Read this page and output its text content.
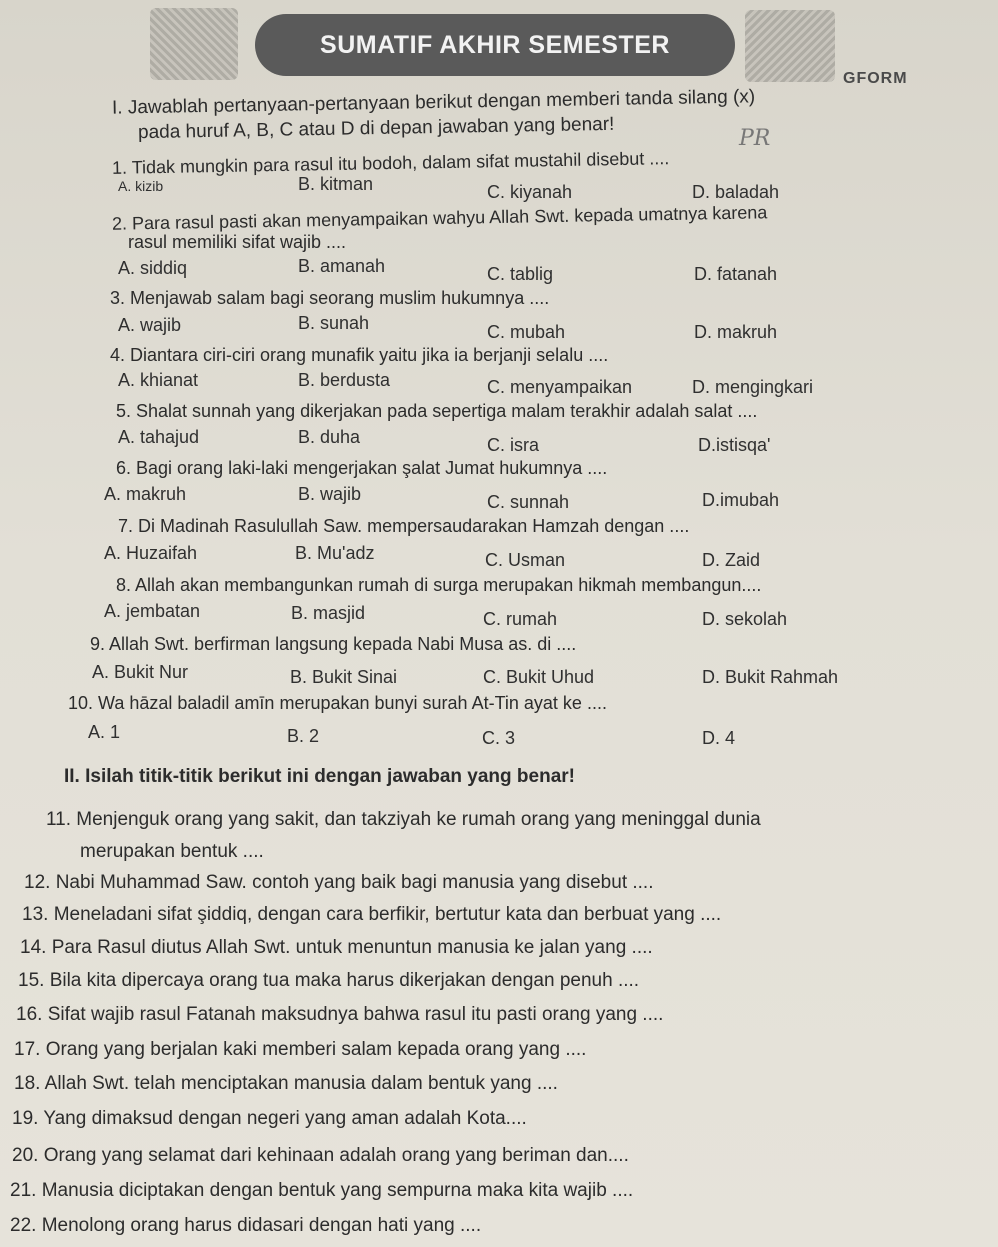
SUMATIF AKHIR SEMESTER
GFORM
PR
I. Jawablah pertanyaan-pertanyaan berikut dengan memberi tanda silang (x)
pada huruf A, B, C atau D di depan jawaban yang benar!
1. Tidak mungkin para rasul itu bodoh, dalam sifat mustahil disebut ....
A. kizib	B. kitman	C. kiyanah	D. baladah
2. Para rasul pasti akan menyampaikan wahyu Allah Swt. kepada umatnya karena
rasul memiliki sifat wajib ....
A. siddiq	B. amanah	C. tablig	D. fatanah
3. Menjawab salam bagi seorang muslim hukumnya ....
A. wajib	B. sunah	C. mubah	D. makruh
4. Diantara ciri-ciri orang munafik yaitu jika ia berjanji selalu ....
A. khianat	B. berdusta	C. menyampaikan	D. mengingkari
5. Shalat sunnah yang dikerjakan pada sepertiga malam terakhir adalah salat ....
A. tahajud	B. duha	C. isra	D.istisqa'
6. Bagi orang laki-laki mengerjakan şalat Jumat hukumnya ....
A. makruh	B. wajib	C. sunnah	D.imubah
7. Di Madinah Rasulullah Saw. mempersaudarakan Hamzah dengan ....
A. Huzaifah	B. Mu'adz	C. Usman	D. Zaid
8. Allah akan membangunkan rumah di surga merupakan hikmah membangun....
A. jembatan	B. masjid	C. rumah	D. sekolah
9. Allah Swt. berfirman langsung kepada Nabi Musa as. di ....
A. Bukit Nur	B. Bukit Sinai	C. Bukit Uhud	D. Bukit Rahmah
10. Wa hāzal baladil amīn merupakan bunyi surah At-Tin ayat ke ....
A. 1	B. 2	C. 3	D. 4
II. Isilah titik-titik berikut ini dengan jawaban yang benar!
11. Menjenguk orang yang sakit, dan takziyah ke rumah orang yang meninggal dunia
merupakan bentuk ....
12. Nabi Muhammad Saw. contoh yang baik bagi manusia yang disebut ....
13. Meneladani sifat şiddiq, dengan cara berfikir, bertutur kata dan berbuat yang ....
14. Para Rasul diutus Allah Swt. untuk menuntun manusia ke jalan yang ....
15. Bila kita dipercaya orang tua maka harus dikerjakan dengan penuh ....
16. Sifat wajib rasul Fatanah maksudnya bahwa rasul itu pasti orang yang ....
17. Orang yang berjalan kaki memberi salam kepada orang yang ....
18. Allah Swt. telah menciptakan manusia dalam bentuk yang ....
19. Yang dimaksud dengan negeri yang aman adalah Kota....
20. Orang yang selamat dari kehinaan adalah orang yang beriman dan....
21. Manusia diciptakan dengan bentuk yang sempurna maka kita wajib ....
22. Menolong orang harus didasari dengan hati yang ....
